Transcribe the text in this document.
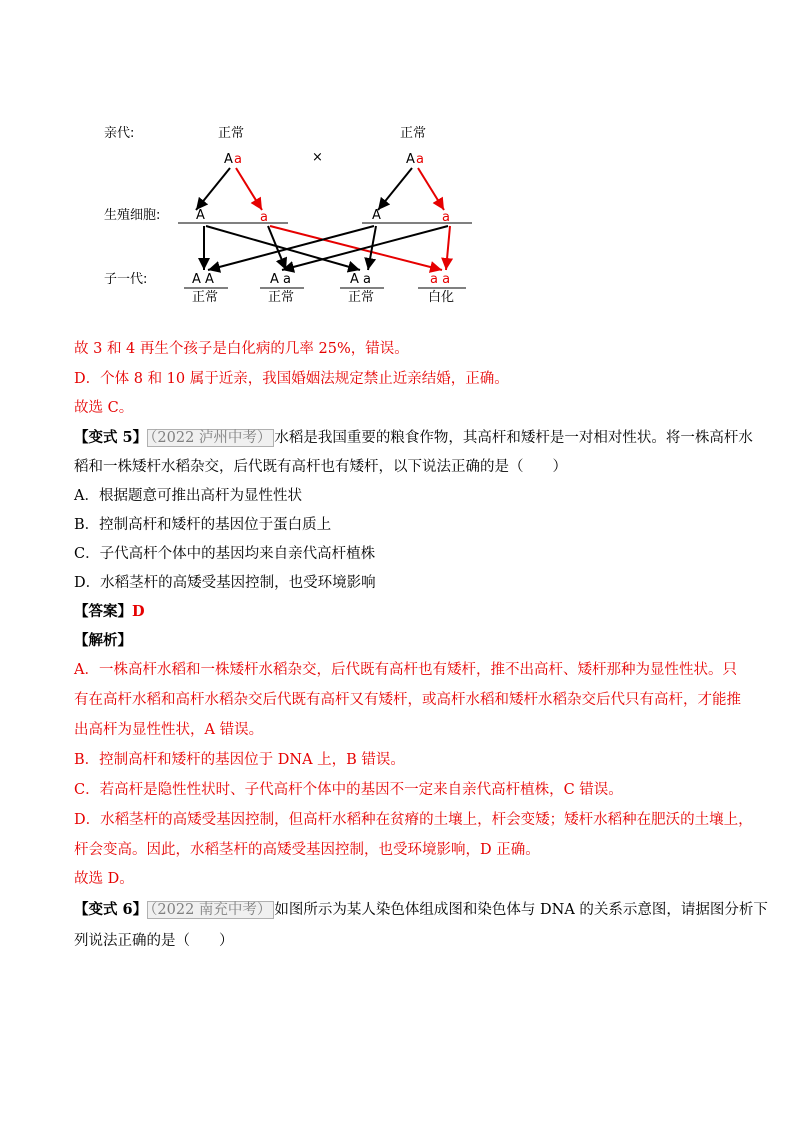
亲代:	正常	正常
A a	×	A a
生殖细胞:	A	a	A	a
子一代:	A A
正常
A a
正常
A a
正常
a a
白化
故 3 和 4 再生个孩子是白化病的几率 25%，错误。
D．个体 8 和 10 属于近亲，我国婚姻法规定禁止近亲结婚，正确。
故选 C。
【变式 5】 （2022 泸州中考） 水稻是我国重要的粮食作物，其高杆和矮杆是一对相对性状。将一株高杆水
稻和一株矮杆水稻杂交，后代既有高杆也有矮杆，以下说法正确的是（　　）
A．根据题意可推出高杆为显性性状
B．控制高杆和矮杆的基因位于蛋白质上
C．子代高杆个体中的基因均来自亲代高杆植株
D．水稻茎杆的高矮受基因控制，也受环境影响
【答案】D
【解析】
A．一株高杆水稻和一株矮杆水稻杂交，后代既有高杆也有矮杆，推不出高杆、矮杆那种为显性性状。只
有在高杆水稻和高杆水稻杂交后代既有高杆又有矮杆，或高杆水稻和矮杆水稻杂交后代只有高杆，才能推
出高杆为显性性状，A 错误。
B．控制高杆和矮杆的基因位于 DNA 上，B 错误。
C．若高杆是隐性性状时、子代高杆个体中的基因不一定来自亲代高杆植株，C 错误。
D．水稻茎杆的高矮受基因控制，但高杆水稻种在贫瘠的土壤上，杆会变矮；矮杆水稻种在肥沃的土壤上，
杆会变高。因此，水稻茎杆的高矮受基因控制，也受环境影响，D 正确。
故选 D。
【变式 6】 （2022 南充中考） 如图所示为某人染色体组成图和染色体与 DNA 的关系示意图，请据图分析下
列说法正确的是（　　）
